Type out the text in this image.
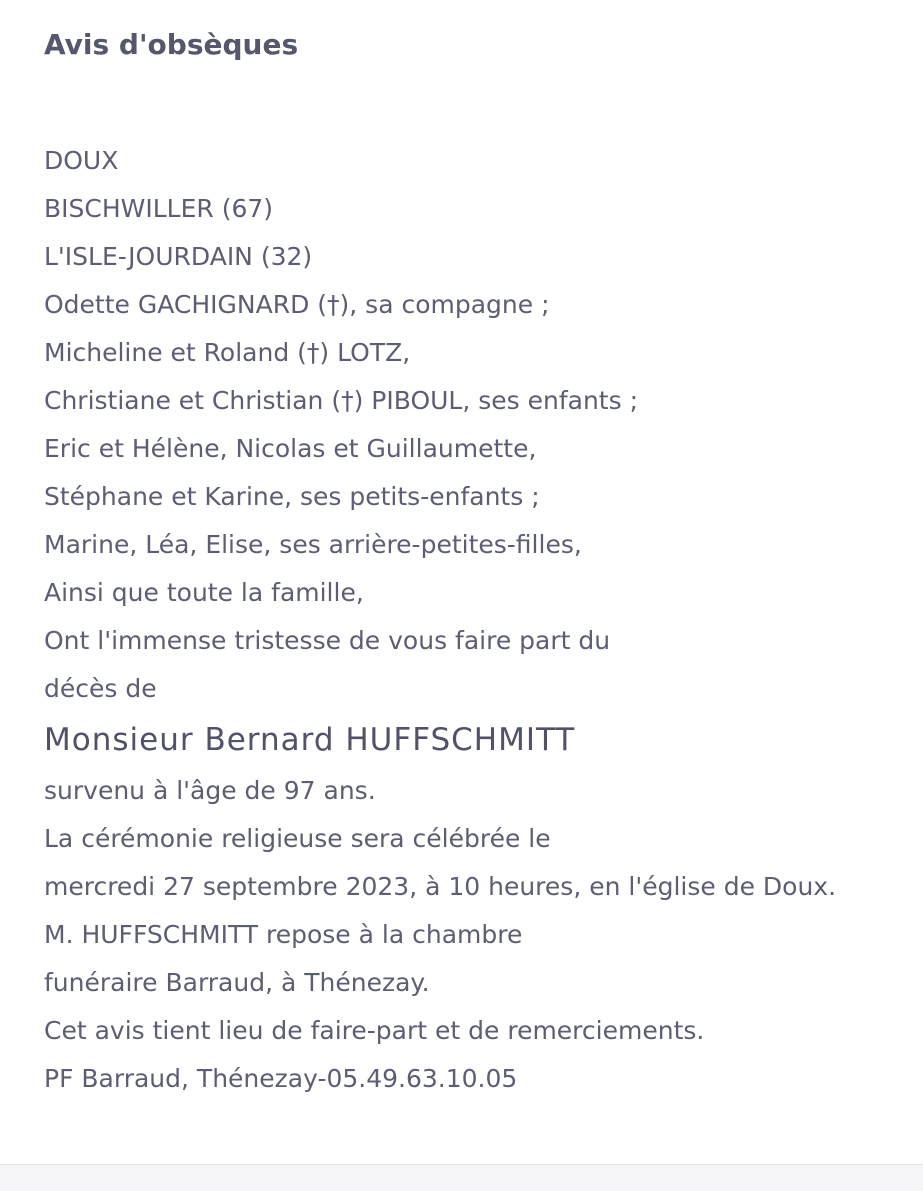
Avis d'obsèques
DOUX
BISCHWILLER (67)
L'ISLE-JOURDAIN (32)
Odette GACHIGNARD (†), sa compagne ;
Micheline et Roland (†) LOTZ,
Christiane et Christian (†) PIBOUL, ses enfants ;
Eric et Hélène, Nicolas et Guillaumette,
Stéphane et Karine, ses petits-enfants ;
Marine, Léa, Elise, ses arrière-petites-filles,
Ainsi que toute la famille,
Ont l'immense tristesse de vous faire part du
décès de
Monsieur Bernard HUFFSCHMITT
survenu à l'âge de 97 ans.
La cérémonie religieuse sera célébrée le
mercredi 27 septembre 2023, à 10 heures, en l'église de Doux.
M. HUFFSCHMITT repose à la chambre
funéraire Barraud, à Thénezay.
Cet avis tient lieu de faire-part et de remerciements.
PF Barraud, Thénezay-05.49.63.10.05
